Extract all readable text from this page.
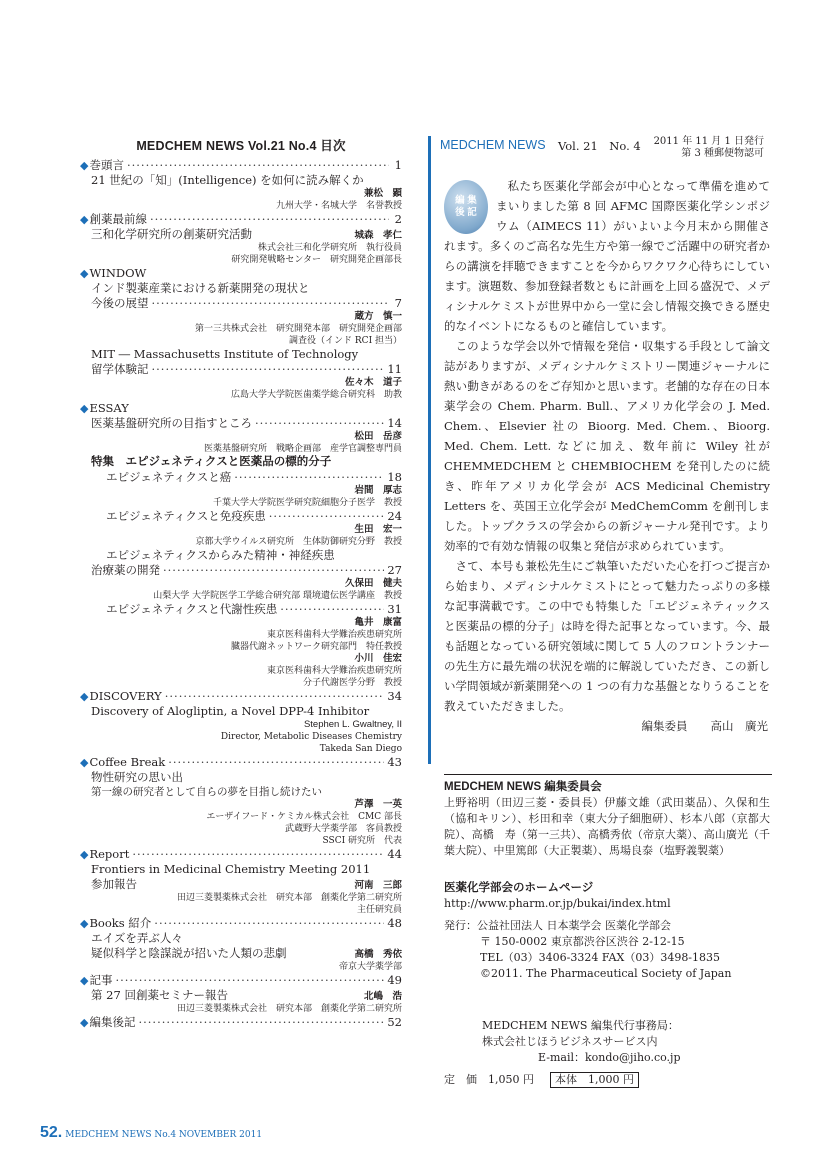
MEDCHEM NEWS Vol.21 No.4 目次
◆ 巻頭言 ·····	1
21 世紀の「知」(Intelligence) を如何に読み解くか
兼松　顕
九州大学・名城大学　名誉教授
◆ 創薬最前線 ·····	2
三和化学研究所の創薬研究活動	城森　孝仁
株式会社三和化学研究所　執行役員
研究開発戦略センター　研究開発企画部長
◆ WINDOW
インド製薬産業における新薬開発の現状と
今後の展望 ·····	7
蔵方　慎一
第一三共株式会社　研究開発本部　研究開発企画部
調査役（インド RCI 担当）
MIT ― Massachusetts Institute of Technology
留学体験記 ·····	11
佐々木　道子
広島大学大学院医歯薬学総合研究科　助教
◆ ESSAY
医薬基盤研究所の目指すところ ·····	14
松田　岳彦
医薬基盤研究所　戦略企画部　産学官調整専門員
特集　エピジェネティクスと医薬品の標的分子
エピジェネティクスと癌 ·····	18
岩間　厚志
千葉大学大学院医学研究院細胞分子医学　教授
エピジェネティクスと免疫疾患 ·····	24
生田　宏一
京都大学ウイルス研究所　生体防御研究分野　教授
エピジェネティクスからみた精神・神経疾患
治療薬の開発 ·····	27
久保田　健夫
山梨大学 大学院医学工学総合研究部 環境遺伝医学講座　教授
エピジェネティクスと代謝性疾患 ·····	31
亀井　康富
東京医科歯科大学難治疾患研究所
臓器代謝ネットワーク研究部門　特任教授
小川　佳宏
東京医科歯科大学難治疾患研究所
分子代謝医学分野　教授
◆ DISCOVERY ·····	34
Discovery of Alogliptin, a Novel DPP-4 Inhibitor
Stephen L. Gwaltney, II
Director, Metabolic Diseases Chemistry
Takeda San Diego
◆ Coffee Break ·····	43
物性研究の思い出
第一線の研究者として自らの夢を目指し続けたい
芦澤　一英
エーザイフード・ケミカル株式会社　CMC 部長
武蔵野大学薬学部　客員教授
SSCI 研究所　代表
◆ Report ·····	44
Frontiers in Medicinal Chemistry Meeting 2011
参加報告	河南　三郎
田辺三菱製薬株式会社　研究本部　創薬化学第二研究所
主任研究員
◆ Books 紹介 ·····	48
エイズを弄ぶ人々
疑似科学と陰謀説が招いた人類の悲劇	高橋　秀依
帝京大学薬学部
◆ 記事 ·····	49
第 27 回創薬セミナー報告	北嶋　浩
田辺三菱製薬株式会社　研究本部　創薬化学第二研究所
◆ 編集後記 ·····	52
MEDCHEM NEWS Vol. 21　No. 4 2011 年 11 月 1 日発行
第 3 種郵便物認可
編 集
後 記

私たち医薬化学部会が中心となって準備を進めてまいりました第 8 回 AFMC 国際医薬化学シンポジウム（AIMECS 11）がいよいよ今月末から開催されます。多くのご高名な先生方や第一線でご活躍中の研究者からの講演を拝聴できますことを今からワクワク心待ちにしています。演題数、参加登録者数ともに計画を上回る盛況で、メディシナルケミストが世界中から一堂に会し情報交換できる歴史的なイベントになるものと確信しています。

このような学会以外で情報を発信・収集する手段として論文誌がありますが、メディシナルケミストリー関連ジャーナルに熱い動きがあるのをご存知かと思います。老舗的な存在の日本薬学会の Chem. Pharm. Bull.、アメリカ化学会の J. Med. Chem.、Elsevier 社の Bioorg. Med. Chem.、Bioorg. Med. Chem. Lett. などに加え、数年前に Wiley 社が CHEMMEDCHEM と CHEMBIOCHEM を発刊したのに続き、昨年アメリカ化学会が ACS Medicinal Chemistry Letters を、英国王立化学会が MedChemComm を創刊しました。トップクラスの学会からの新ジャーナル発刊です。より効率的で有効な情報の収集と発信が求められています。

さて、本号も兼松先生にご執筆いただいた心を打つご提言から始まり、メディシナルケミストにとって魅力たっぷりの多様な記事満載です。この中でも特集した「エピジェネティックスと医薬品の標的分子」は時を得た記事となっています。今、最も話題となっている研究領域に関して 5 人のフロントランナーの先生方に最先端の状況を端的に解説していただき、この新しい学問領域が新薬開発への 1 つの有力な基盤となりうることを教えていただきました。

編集委員　　高山　廣光
MEDCHEM NEWS 編集委員会
上野裕明（田辺三菱・委員長）伊藤文雄（武田薬品）、久保和生（協和キリン）、杉田和幸（東大分子細胞研）、杉本八郎（京都大院）、高橋　寿（第一三共）、高橋秀依（帝京大薬）、高山廣光（千葉大院）、中里篤郎（大正製薬）、馬場良泰（塩野義製薬）
医薬化学部会のホームページ
http://www.pharm.or.jp/bukai/index.html
発行： 公益社団法人 日本薬学会 医薬化学部会
〒 150-0002 東京都渋谷区渋谷 2-12-15
TEL（03）3406-3324 FAX（03）3498-1835
©2011. The Pharmaceutical Society of Japan
MEDCHEM NEWS 編集代行事務局：
株式会社じほうビジネスサービス内
E-mail：kondo@jiho.co.jp
定　価　1,050 円	本体　1,000 円
52. MEDCHEM NEWS No.4 NOVEMBER 2011
